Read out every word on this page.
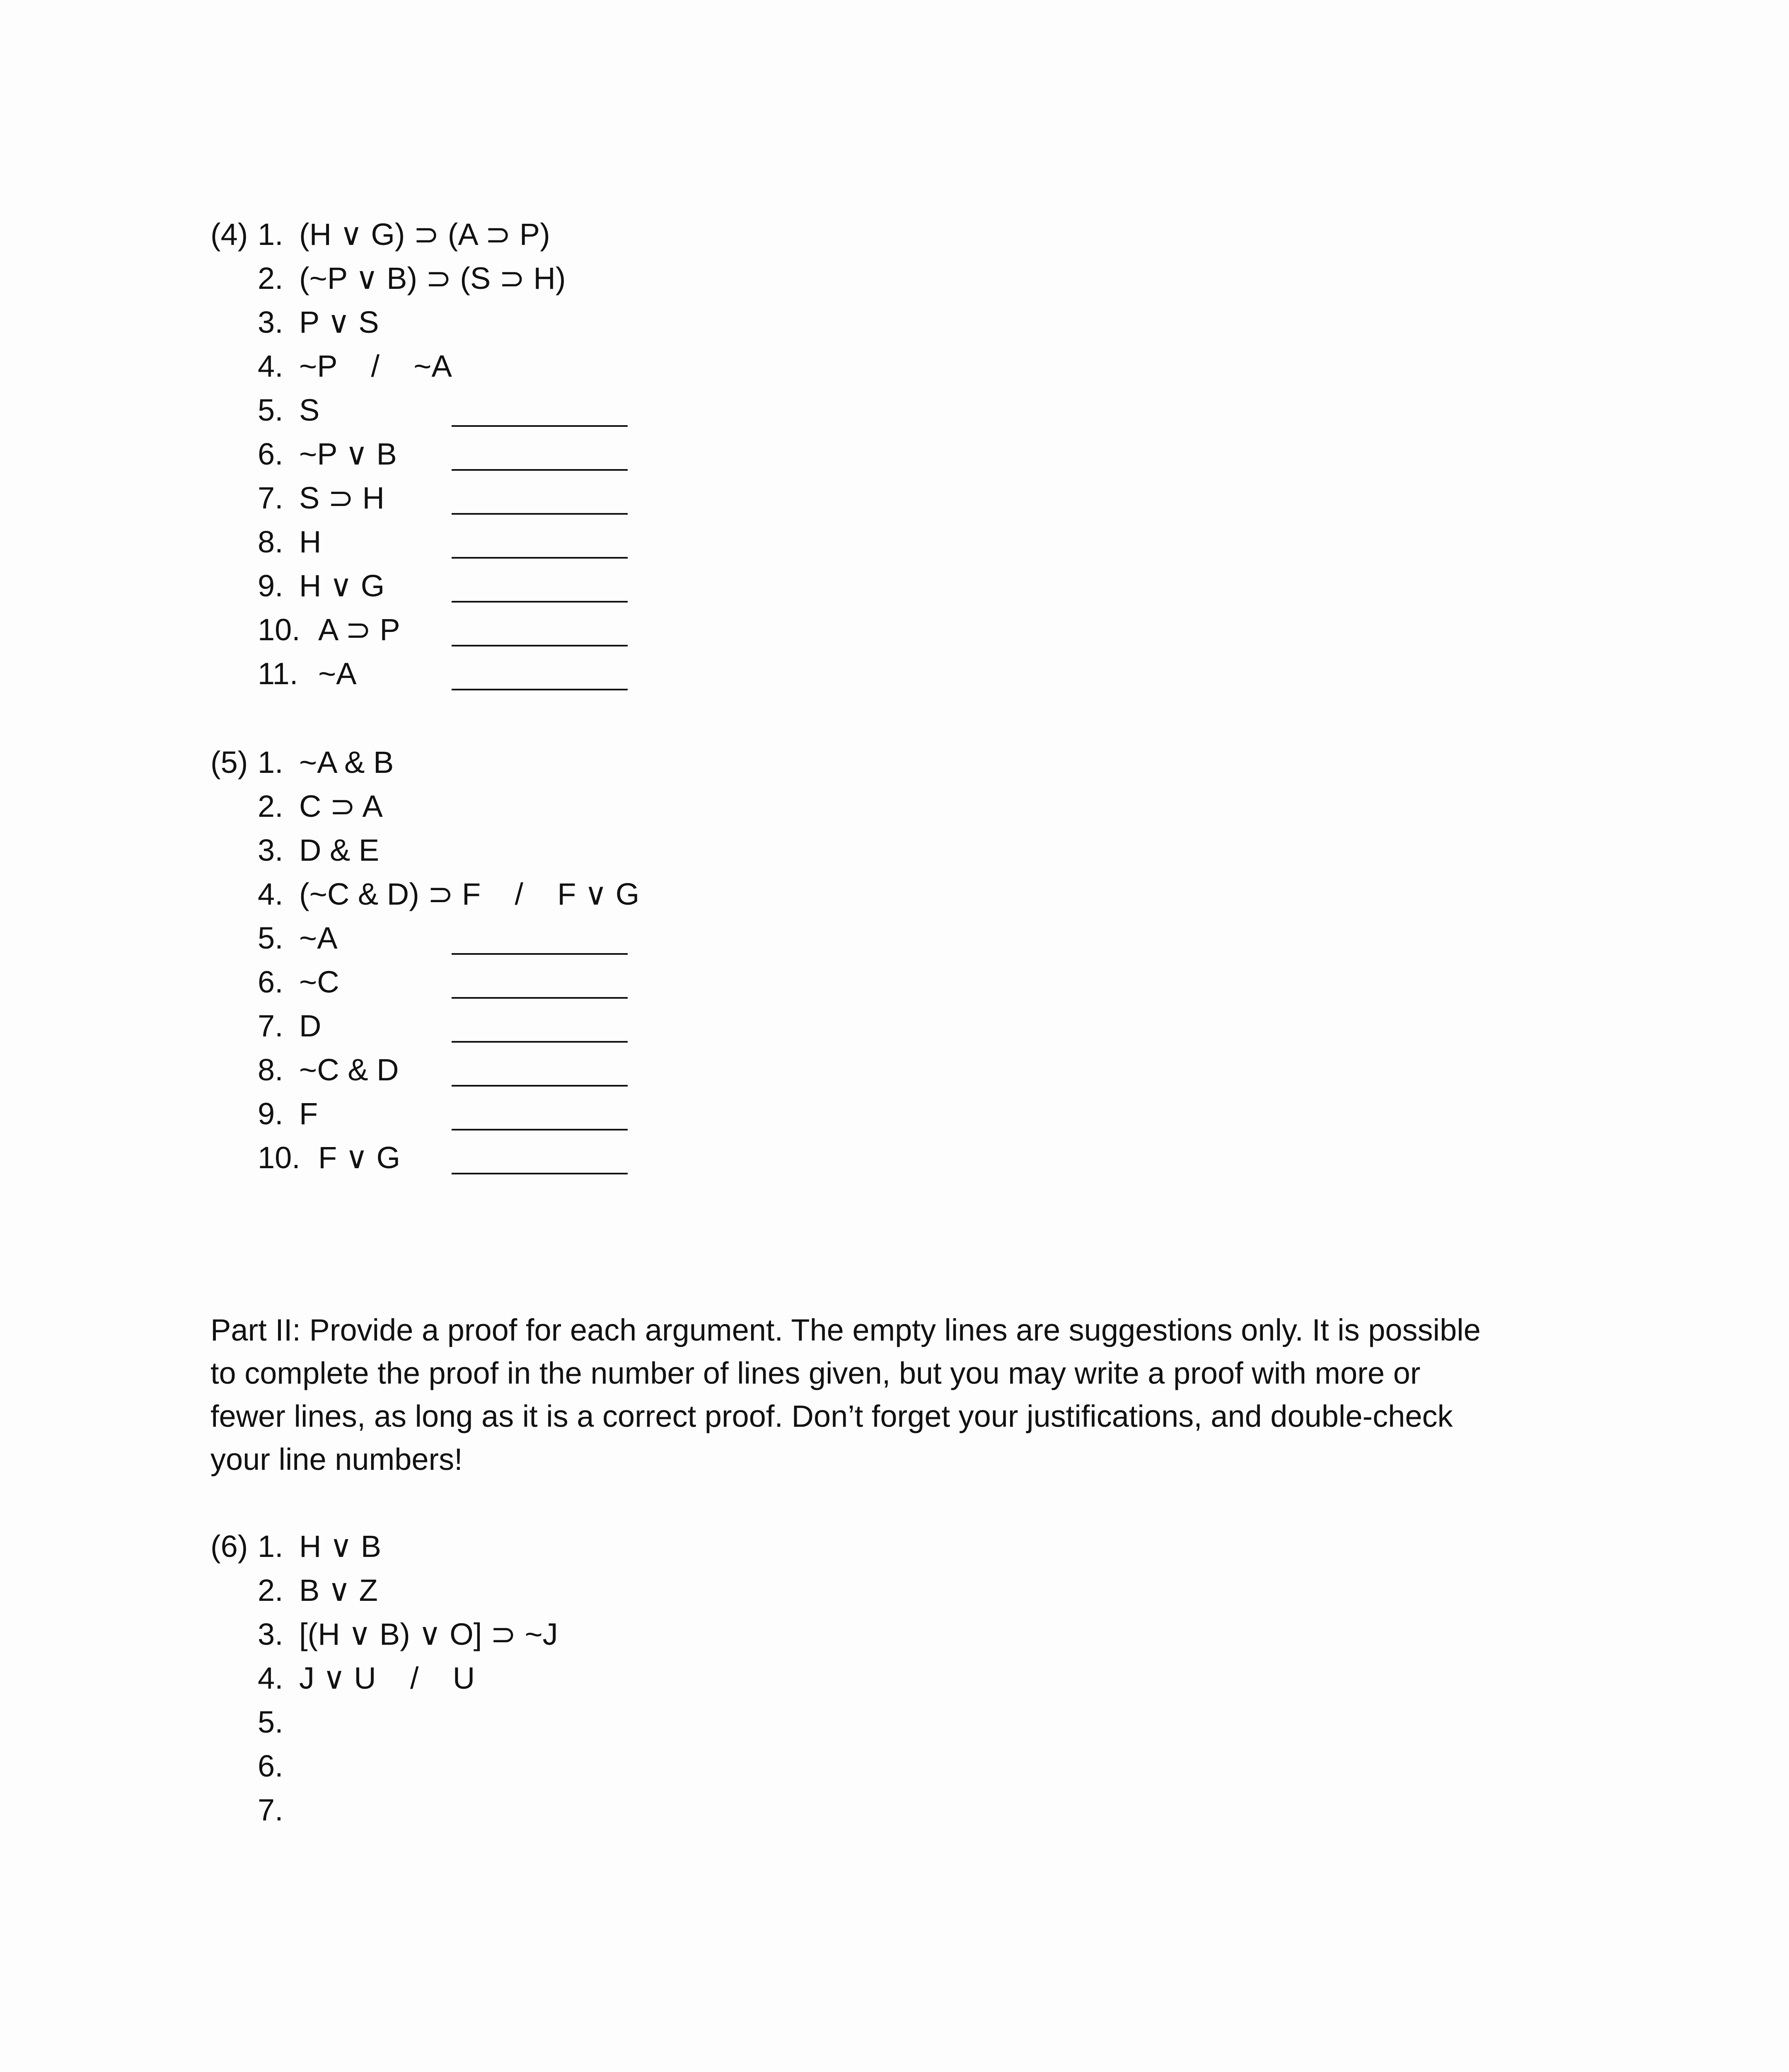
(4) 1. (H ∨ G) ⊃ (A ⊃ P)
2. (~P ∨ B) ⊃ (S ⊃ H)
3. P ∨ S
4. ~P    /    ~A
5. S
6. ~P ∨ B
7. S ⊃ H
8. H
9. H ∨ G
10. A ⊃ P
11. ~A
(5) 1. ~A & B
2. C ⊃ A
3. D & E
4. (~C & D) ⊃ F    /    F ∨ G
5. ~A
6. ~C
7. D
8. ~C & D
9. F
10. F ∨ G
Part II: Provide a proof for each argument. The empty lines are suggestions only. It is possible
to complete the proof in the number of lines given, but you may write a proof with more or
fewer lines, as long as it is a correct proof. Don’t forget your justifications, and double-check
your line numbers!
(6) 1. H ∨ B
2. B ∨ Z
3. [(H ∨ B) ∨ O] ⊃ ~J
4. J ∨ U    /    U
5.
6.
7.
